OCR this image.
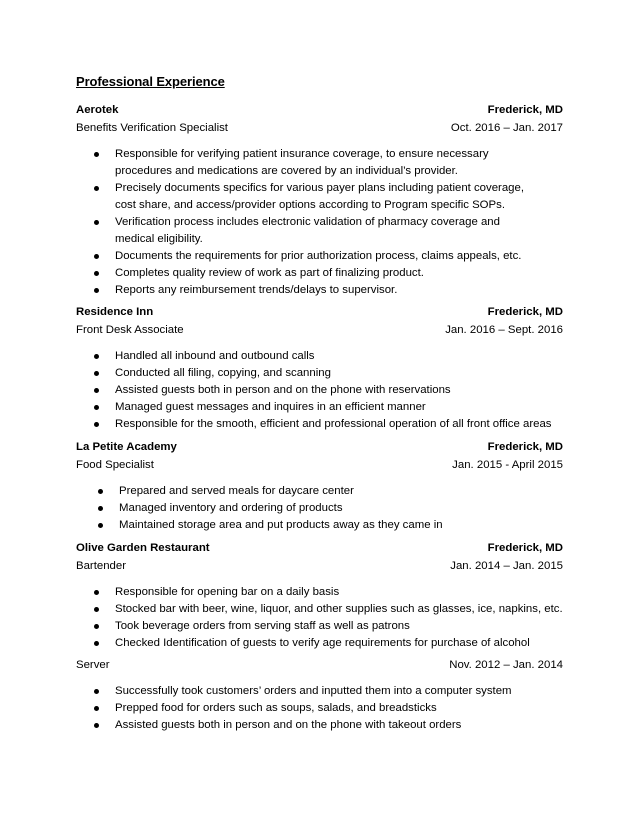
Professional Experience
Aerotek	Frederick, MD
Benefits Verification Specialist	Oct. 2016 – Jan. 2017
Responsible for verifying patient insurance coverage, to ensure necessary procedures and medications are covered by an individual’s provider.
Precisely documents specifics for various payer plans including patient coverage, cost share, and access/provider options according to Program specific SOPs.
Verification process includes electronic validation of pharmacy coverage and medical eligibility.
Documents the requirements for prior authorization process, claims appeals, etc.
Completes quality review of work as part of finalizing product.
Reports any reimbursement trends/delays to supervisor.
Residence Inn	Frederick, MD
Front Desk Associate	Jan. 2016 – Sept. 2016
Handled all inbound and outbound calls
Conducted all filing, copying, and scanning
Assisted guests both in person and on the phone with reservations
Managed guest messages and inquires in an efficient manner
Responsible for the smooth, efficient and professional operation of all front office areas
La Petite Academy	Frederick, MD
Food Specialist	Jan. 2015 - April 2015
Prepared and served meals for daycare center
Managed inventory and ordering of products
Maintained storage area and put products away as they came in
Olive Garden Restaurant	Frederick, MD
Bartender	Jan. 2014 – Jan. 2015
Responsible for opening bar on a daily basis
Stocked bar with beer, wine, liquor, and other supplies such as glasses, ice, napkins, etc.
Took beverage orders from serving staff as well as patrons
Checked Identification of guests to verify age requirements for purchase of alcohol
Server	Nov. 2012 – Jan. 2014
Successfully took customers’ orders and inputted them into a computer system
Prepped food for orders such as soups, salads, and breadsticks
Assisted guests both in person and on the phone with takeout orders
